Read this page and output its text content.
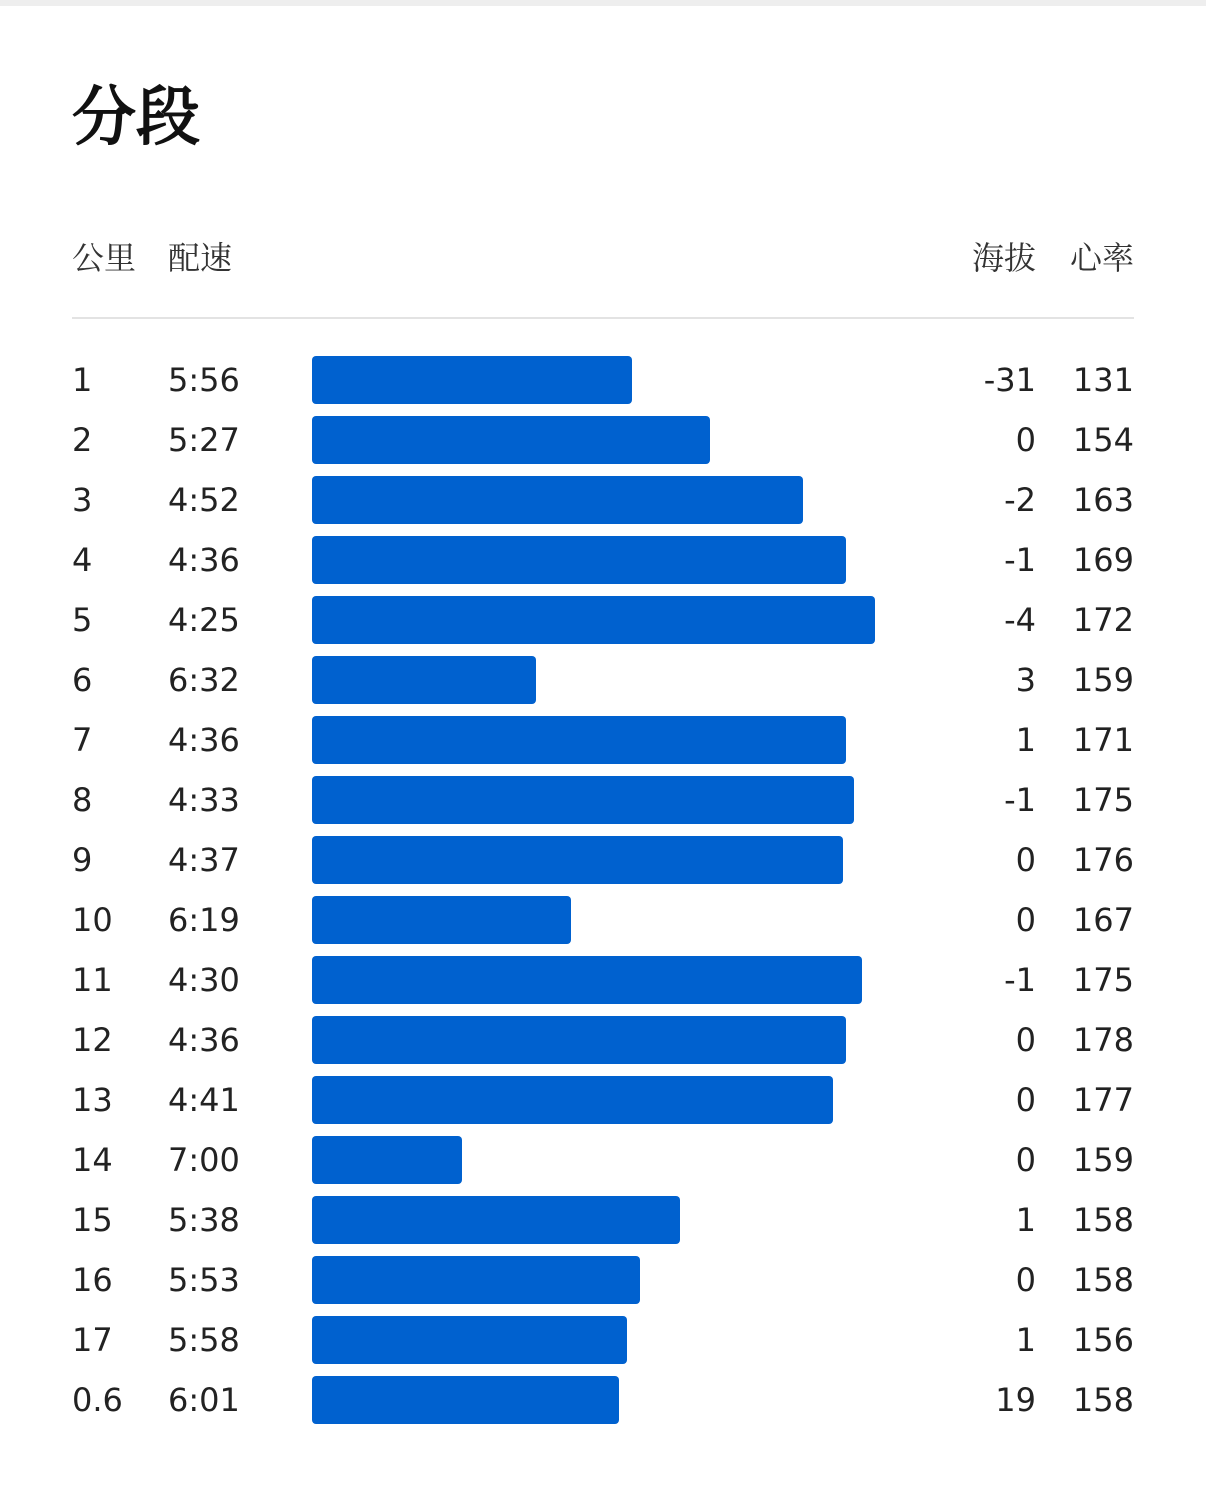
分段
公里 配速	海拔 心率
1 5:56	-31 131
2 5:27	0 154
3 4:52	-2 163
4 4:36	-1 169
5 4:25	-4 172
6 6:32	3 159
7 4:36	1 171
8 4:33	-1 175
9 4:37	0 176
10 6:19	0 167
11 4:30	-1 175
12 4:36	0 178
13 4:41	0 177
14 7:00	0 159
15 5:38	1 158
16 5:53	0 158
17 5:58	1 156
0.6 6:01	19 158
